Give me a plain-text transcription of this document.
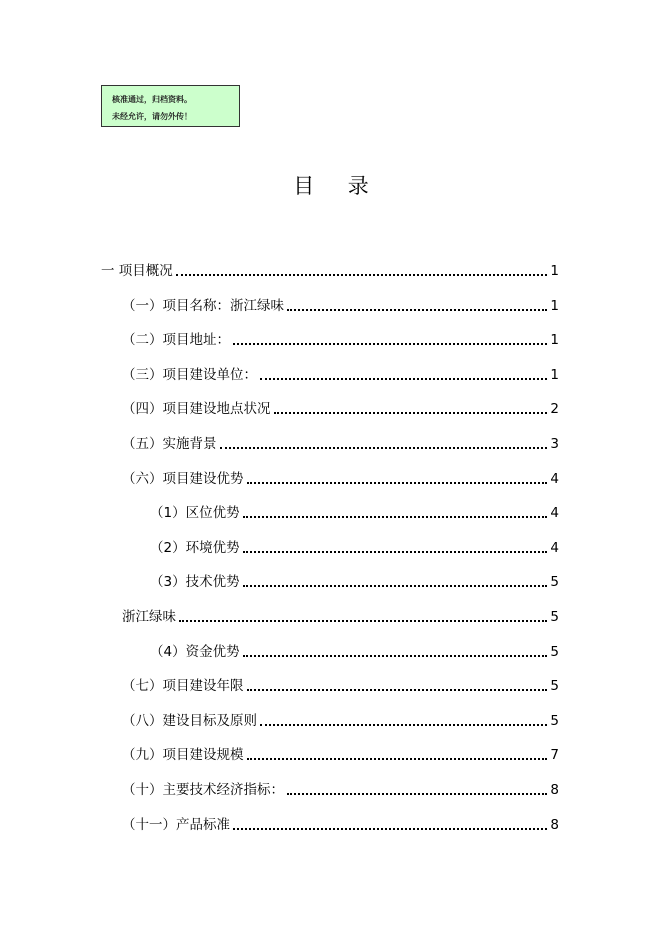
核准通过，归档资料。
未经允许，请勿外传！
目录
一 项目概况	1
（一）项目名称：浙江绿味	1
（二）项目地址：	1
（三）项目建设单位：	1
（四）项目建设地点状况	2
（五）实施背景	3
（六）项目建设优势	4
（1）区位优势	4
（2）环境优势	4
（3）技术优势	5
浙江绿味	5
（4）资金优势	5
（七）项目建设年限	5
（八）建设目标及原则	5
（九）项目建设规模	7
（十）主要技术经济指标：	8
（十一）产品标准	8
